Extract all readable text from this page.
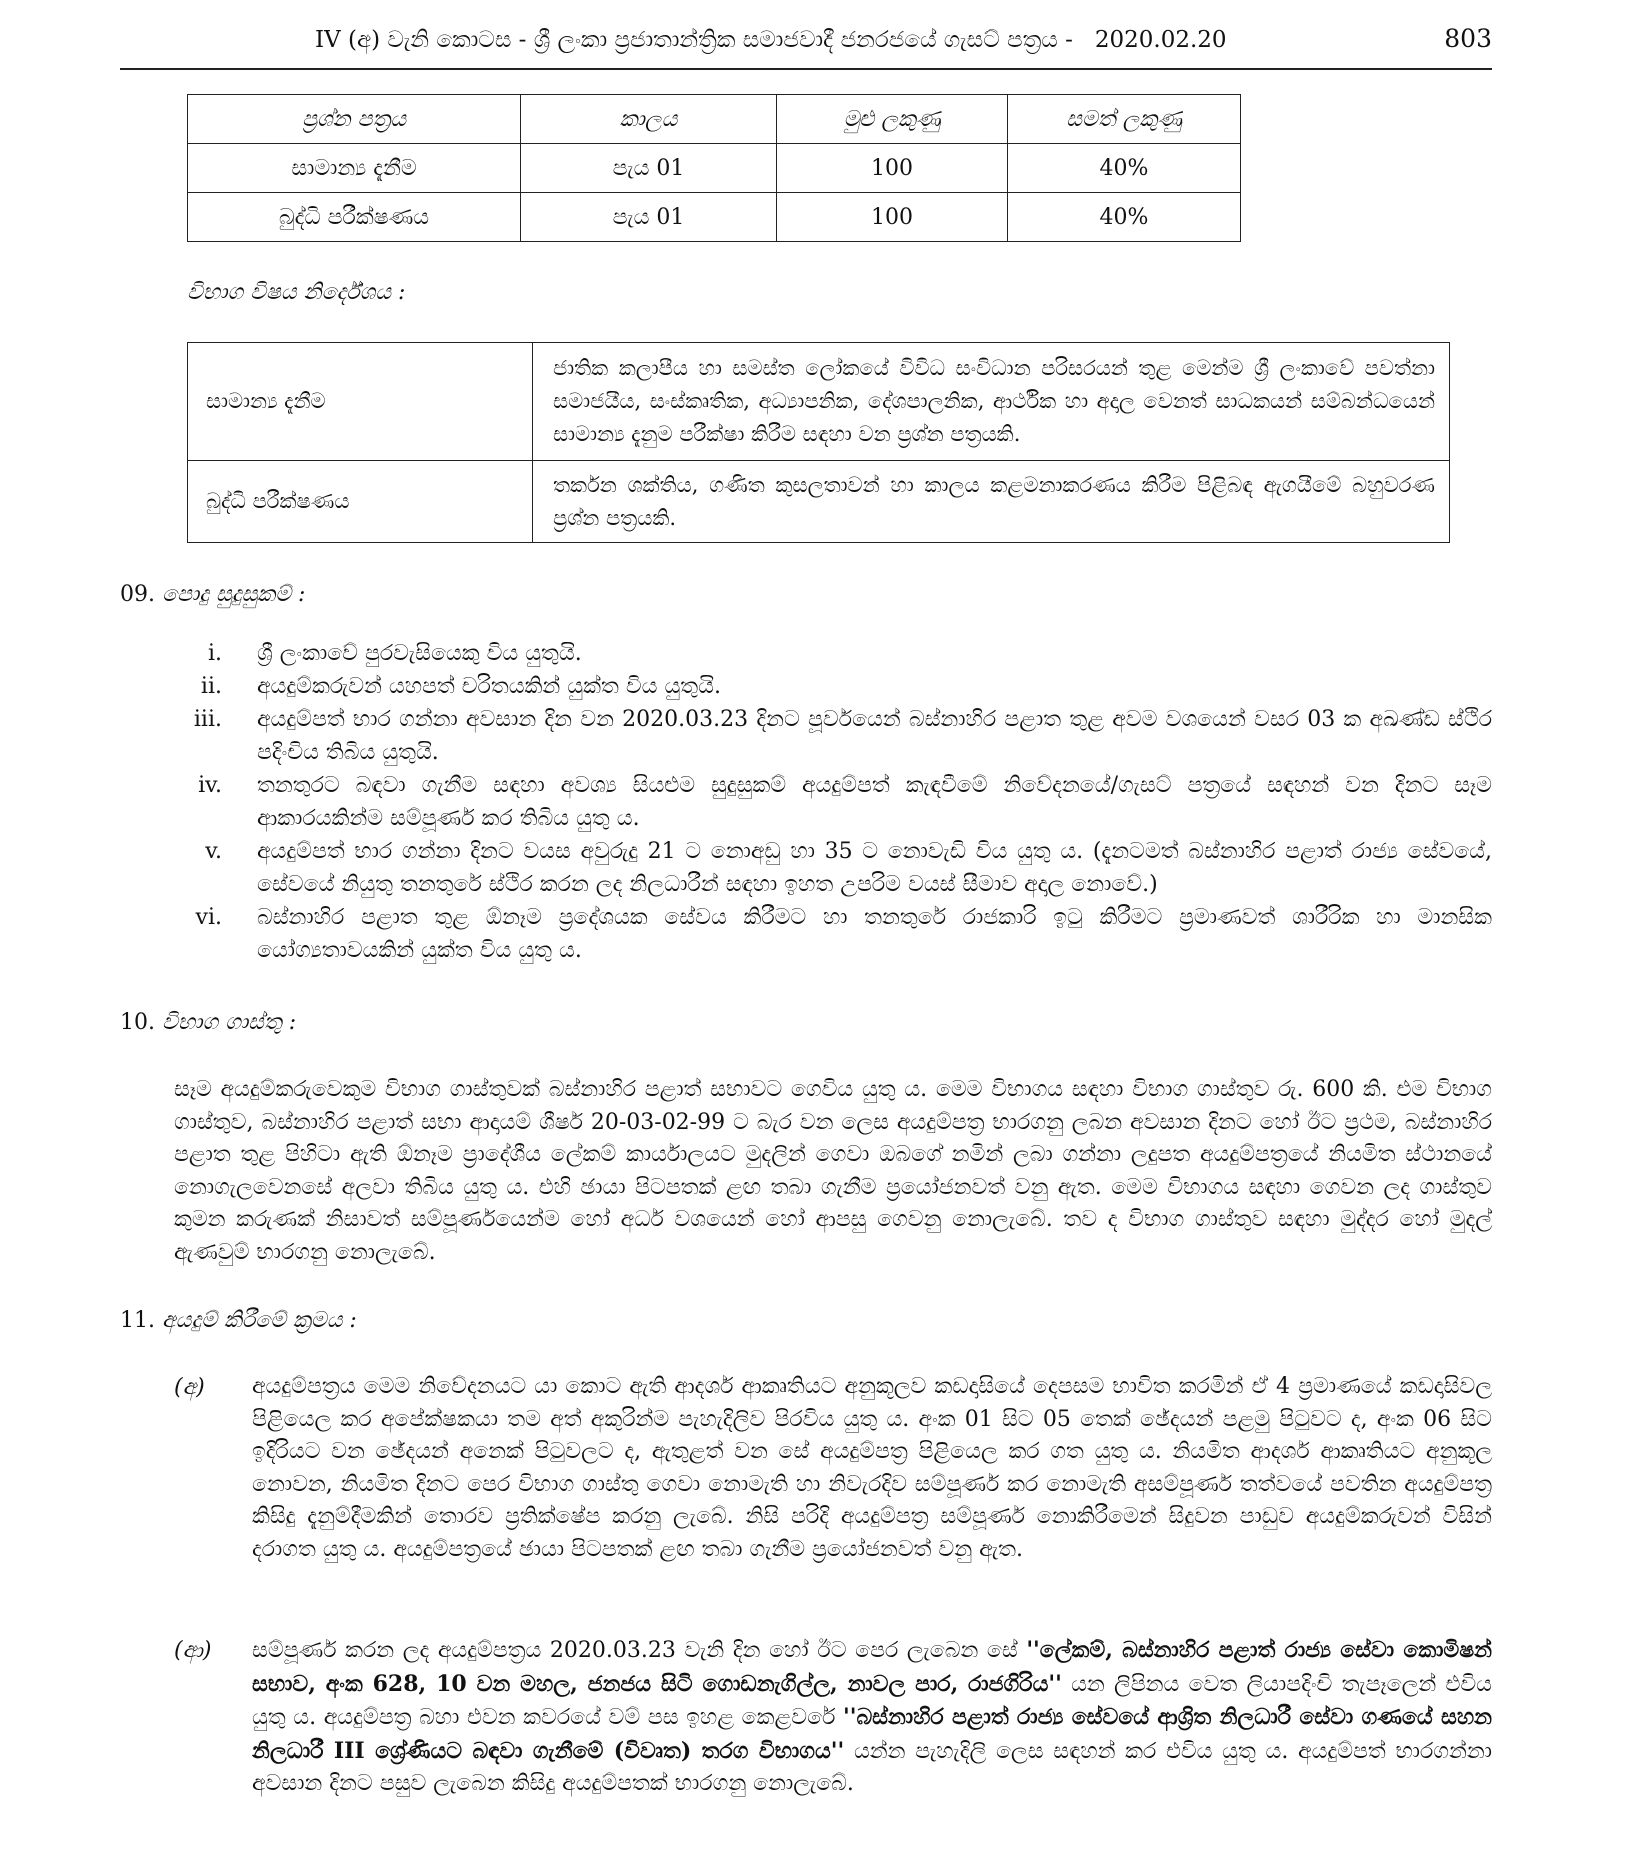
IV (අ) වැනි කොටස - ශ්‍රී ලංකා ප්‍රජාතාන්ත්‍රික සමාජවාදී ජනරජයේ ගැසට් පත්‍රය - 2020.02.20	803
ප්‍රශ්න පත්‍රය	කාලය	මුළු ලකුණු	සමත් ලකුණු
සාමාන්‍ය දැනීම	පැය 01	100	40%
බුද්ධි පරීක්ෂණය	පැය 01	100	40%
විභාග විෂය නිර්දේශය :
සාමාන්‍ය දැනීම	ජාතික කලාපීය හා සමස්ත ලෝකයේ විවිධ සංවිධාන පරිසරයන් තුළ මෙන්ම ශ්‍රී ලංකාවේ පවත්නා සමාජයීය, සංස්කෘතික, අධ්‍යාපනික, දේශපාලනික, ආර්ථික හා අදාල වෙනත් සාධකයන් සම්බන්ධයෙන් සාමාන්‍ය දැනුම පරීක්ෂා කිරීම සඳහා වන ප්‍රශ්න පත්‍රයකි.
බුද්ධි පරීක්ෂණය	තර්කන ශක්තිය, ගණිත කුසලතාවන් හා කාලය කළමනාකරණය කිරීම පිළිබඳ ඇගයීමේ බහුවරණ ප්‍රශ්න පත්‍රයකි.
09. පොදු සුදුසුකම් :
i. ශ්‍රී ලංකාවේ පුරවැසියෙකු විය යුතුයි.
ii. අයදුම්කරුවන් යහපත් චරිතයකින් යුක්ත විය යුතුයි.
iii. අයදුම්පත් භාර ගන්නා අවසාන දින වන 2020.03.23 දිනට පූර්වයෙන් බස්නාහිර පළාත තුළ අවම වශයෙන් වසර 03 ක අඛණ්ඩ ස්ථිර පදිංචිය තිබිය යුතුයි.
iv. තනතුරට බඳවා ගැනීම සඳහා අවශ්‍ය සියළුම සුදුසුකම් අයදුම්පත් කැඳවීමේ නිවේදනයේ/ගැසට් පත්‍රයේ සඳහන් වන දිනට සෑම ආකාරයකින්ම සම්පූර්ණ කර තිබිය යුතු ය.
v. අයදුම්පත් භාර ගන්නා දිනට වයස අවුරුදු 21 ට නොඅඩු හා 35 ට නොවැඩි විය යුතු ය. (දැනටමත් බස්නාහිර පළාත් රාජ්‍ය සේවයේ, සේවයේ නියුතු තනතුරේ ස්ථිර කරන ලද නිලධාරීන් සඳහා ඉහත උපරිම වයස් සීමාව අදාල නොවේ.)
vi. බස්නාහිර පළාත තුළ ඕනෑම ප්‍රදේශයක සේවය කිරීමට හා තනතුරේ රාජකාරි ඉටු කිරීමට ප්‍රමාණවත් ශාරීරික හා මානසික යෝග්‍යතාවයකින් යුක්ත විය යුතු ය.
10. විභාග ගාස්තු :
සෑම අයදුම්කරුවෙකුම විභාග ගාස්තුවක් බස්නාහිර පළාත් සභාවට ගෙවිය යුතු ය. මෙම විභාගය සඳහා විභාග ගාස්තුව රු. 600 කි. එම විභාග ගාස්තුව, බස්නාහිර පළාත් සභා ආදායම් ශීර්ෂ 20-03-02-99 ට බැර වන ලෙස අයදුම්පත්‍ර භාරගනු ලබන අවසාන දිනට හෝ ඊට ප්‍රථම, බස්නාහිර පළාත තුළ පිහිටා ඇති ඕනෑම ප්‍රාදේශීය ලේකම් කාර්යාලයට මුදලින් ගෙවා ඔබගේ නමින් ලබා ගන්නා ලදුපත අයදුම්පත්‍රයේ නියමිත ස්ථානයේ නොගැලවෙනසේ අලවා තිබිය යුතු ය. එහි ඡායා පිටපතක් ළඟ තබා ගැනීම ප්‍රයෝජනවත් වනු ඇත. මෙම විභාගය සඳහා ගෙවන ලද ගාස්තුව කුමන කරුණක් නිසාවත් සම්පූර්ණයෙන්ම හෝ අර්ධ වශයෙන් හෝ ආපසු ගෙවනු නොලැබේ. තව ද විභාග ගාස්තුව සඳහා මුද්දර හෝ මුදල් ඇණවුම් භාරගනු නොලැබේ.
11. අයදුම් කිරීමේ ක්‍රමය :
(අ) අයදුම්පත්‍රය මෙම නිවේදනයට යා කොට ඇති ආදර්ශ ආකෘතියට අනුකූලව කඩදාසියේ දෙපසම භාවිත කරමින් ඒ 4 ප්‍රමාණයේ කඩදාසිවල පිළියෙල කර අපේක්ෂකයා තම අත් අකුරින්ම පැහැදිලිව පිරවිය යුතු ය. අංක 01 සිට 05 තෙක් ඡේදයන් පළමු පිටුවට ද, අංක 06 සිට ඉදිරියට වන ඡේදයන් අනෙක් පිටුවලට ද, ඇතුළත් වන සේ අයදුම්පත්‍ර පිළියෙල කර ගත යුතු ය. නියමිත ආදර්ශ ආකෘතියට අනුකූල නොවන, නියමිත දිනට පෙර විභාග ගාස්තු ගෙවා නොමැති හා නිවැරදිව සම්පූර්ණ කර නොමැති අසම්පූර්ණ තත්වයේ පවතින අයදුම්පත්‍ර කිසිදු දැනුම්දීමකින් තොරව ප්‍රතික්ෂේප කරනු ලැබේ. නිසි පරිදි අයදුම්පත්‍ර සම්පූර්ණ නොකිරීමෙන් සිදුවන පාඩුව අයදුම්කරුවන් විසින් දරාගත යුතු ය. අයදුම්පත්‍රයේ ඡායා පිටපතක් ළඟ තබා ගැනීම ප්‍රයෝජනවත් වනු ඇත.
(ආ) සම්පූර්ණ කරන ලද අයදුම්පත්‍රය 2020.03.23 වැනි දින හෝ ඊට පෙර ලැබෙන සේ ''ලේකම්, බස්නාහිර පළාත් රාජ්‍ය සේවා කොමිෂන් සභාව, අංක 628, 10 වන මහල, ජනජය සිටි ගොඩනැගිල්ල, නාවල පාර, රාජගිරිය'' යන ලිපිනය වෙත ලියාපදිංචි තැපෑලෙන් එවිය යුතු ය. අයදුම්පත්‍ර බහා එවන කවරයේ වම් පස ඉහළ කෙළවරේ ''බස්නාහිර පළාත් රාජ්‍ය සේවයේ ආශ්‍රිත නිලධාරී සේවා ගණයේ සහන නිලධාරී III ශ්‍රේණියට බඳවා ගැනීමේ (විවෘත) තරග විභාගය'' යන්න පැහැදිලි ලෙස සඳහන් කර එවිය යුතු ය. අයදුම්පත් භාරගන්නා අවසාන දිනට පසුව ලැබෙන කිසිදු අයදුම්පතක් භාරගනු නොලැබේ.
